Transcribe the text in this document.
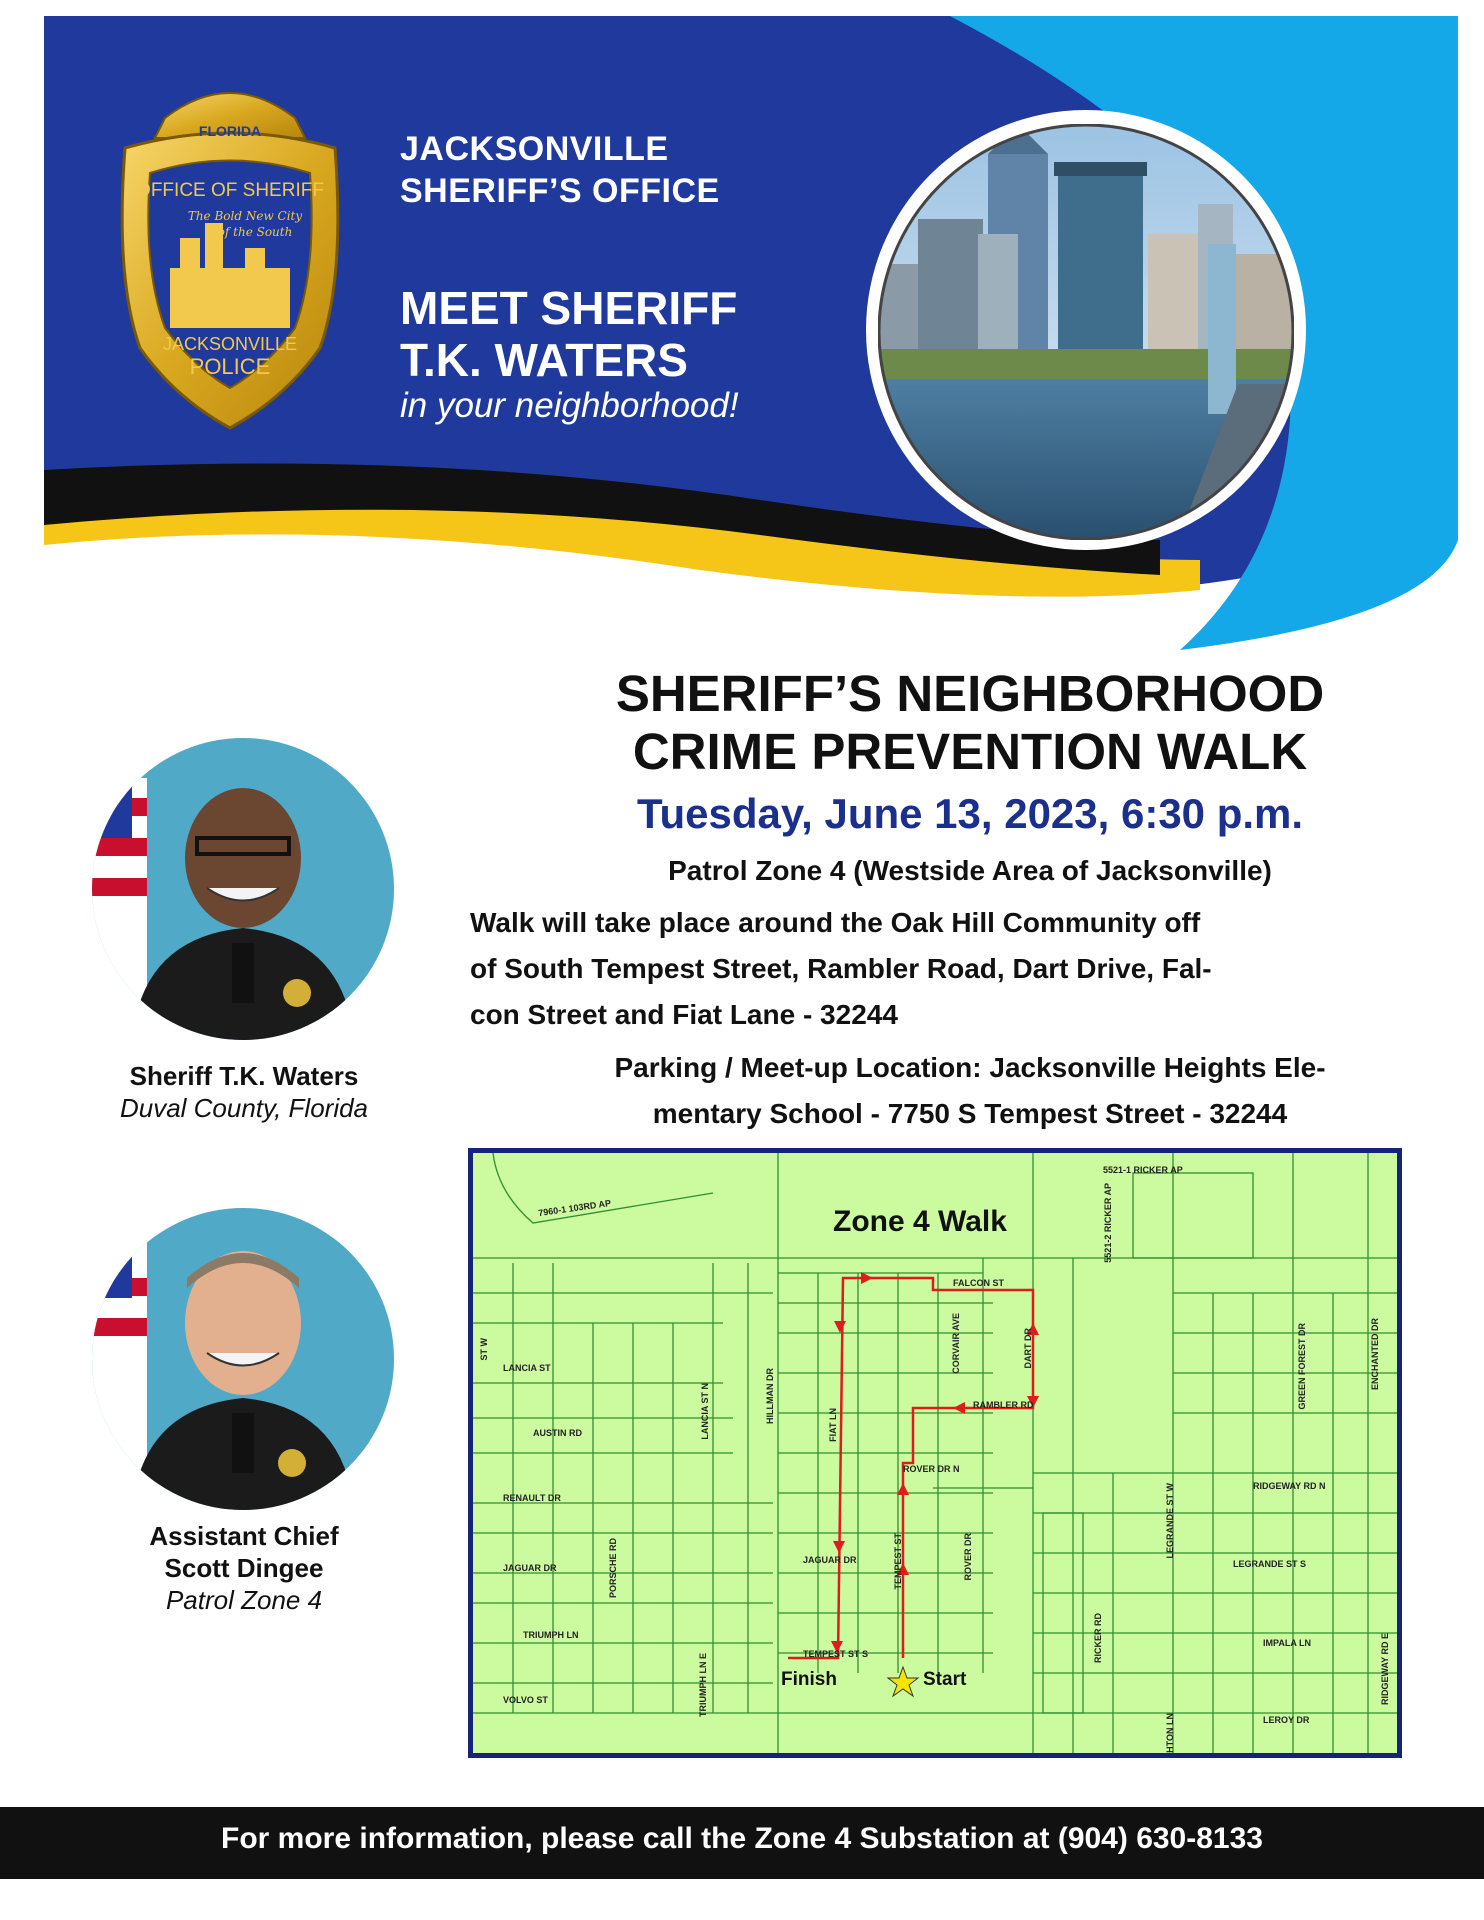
FLORIDA
OFFICE OF SHERIFF
The Bold New City
of the South
JACKSONVILLE
POLICE
JACKSONVILLE
SHERIFF’S OFFICE
MEET SHERIFF
T.K. WATERS
in your neighborhood!
SHERIFF’S NEIGHBORHOOD
CRIME PREVENTION WALK
Tuesday, June 13, 2023, 6:30 p.m.
Patrol Zone 4 (Westside Area of Jacksonville)
Walk will take place around the Oak Hill Community off
of South Tempest Street, Rambler Road, Dart Drive, Fal-
con Street and Fiat Lane - 32244
Parking / Meet-up Location: Jacksonville Heights Ele-
mentary School - 7750 S Tempest Street - 32244
Sheriff T.K. Waters
Duval County, Florida
Assistant Chief
Scott Dingee
Patrol Zone 4
Zone 4 Walk
Finish	Start
FALCON ST
RAMBLER RD
ROVER DR N
JAGUAR DR
TEMPEST ST S
TEMPEST ST
CORVAIR AVE	DART DR
FIAT LN
HILLMAN DR
LANCIA ST N
LANCIA ST
AUSTIN RD
RENAULT DR
PORSCHE RD
JAGUAR DR
TRIUMPH LN
TRIUMPH LN E
VOLVO ST
ROVER DR
RICKER RD
5521-1 RICKER AP
5521-2 RICKER AP
7960-1 103RD AP
RIDGEWAY RD N
RIDGEWAY RD E
LEGRANDE ST W
LEGRANDE ST S
IMPALA LN
LEROY DR
GREEN FOREST DR	ENCHANTED DR
HTON LN
ST W
For more information, please call the Zone 4 Substation at (904) 630-8133
